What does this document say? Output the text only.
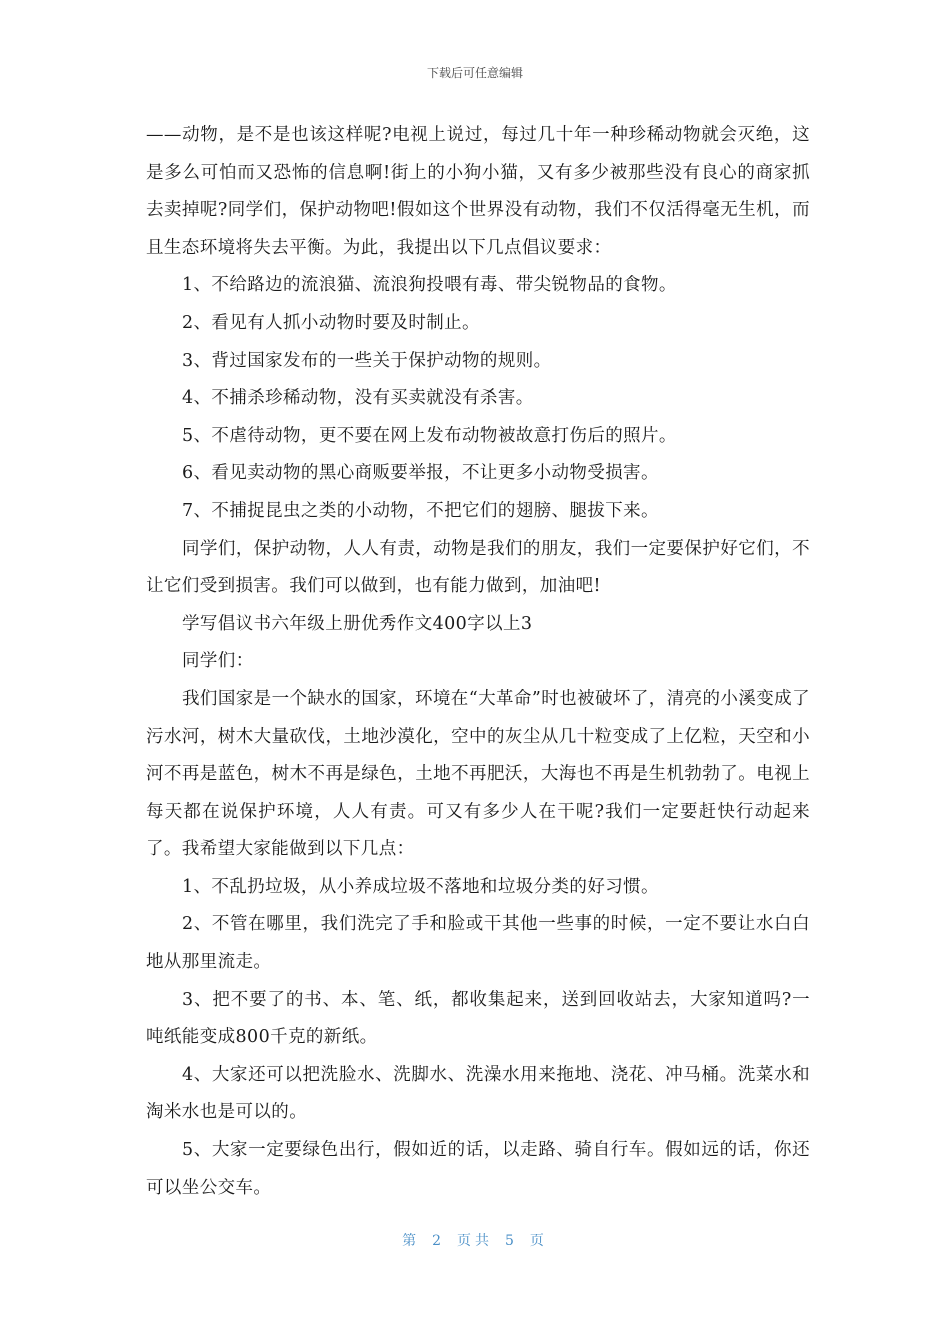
下载后可任意编辑

——动物，是不是也该这样呢?电视上说过，每过几十年一种珍稀动物就会灭绝，这是多么可怕而又恐怖的信息啊!街上的小狗小猫，又有多少被那些没有良心的商家抓去卖掉呢?同学们，保护动物吧!假如这个世界没有动物，我们不仅活得毫无生机，而且生态环境将失去平衡。为此，我提出以下几点倡议要求：

1、不给路边的流浪猫、流浪狗投喂有毒、带尖锐物品的食物。

2、看见有人抓小动物时要及时制止。

3、背过国家发布的一些关于保护动物的规则。

4、不捕杀珍稀动物，没有买卖就没有杀害。

5、不虐待动物，更不要在网上发布动物被故意打伤后的照片。

6、看见卖动物的黑心商贩要举报，不让更多小动物受损害。

7、不捕捉昆虫之类的小动物，不把它们的翅膀、腿拔下来。

同学们，保护动物，人人有责，动物是我们的朋友，我们一定要保护好它们，不让它们受到损害。我们可以做到，也有能力做到，加油吧!

学写倡议书六年级上册优秀作文400字以上3

同学们：

我们国家是一个缺水的国家，环境在“大革命”时也被破坏了，清亮的小溪变成了污水河，树木大量砍伐，土地沙漠化，空中的灰尘从几十粒变成了上亿粒，天空和小河不再是蓝色，树木不再是绿色，土地不再肥沃，大海也不再是生机勃勃了。电视上每天都在说保护环境，人人有责。可又有多少人在干呢?我们一定要赶快行动起来了。我希望大家能做到以下几点：

1、不乱扔垃圾，从小养成垃圾不落地和垃圾分类的好习惯。

2、不管在哪里，我们洗完了手和脸或干其他一些事的时候，一定不要让水白白地从那里流走。

3、把不要了的书、本、笔、纸，都收集起来，送到回收站去，大家知道吗?一吨纸能变成800千克的新纸。

4、大家还可以把洗脸水、洗脚水、洗澡水用来拖地、浇花、冲马桶。洗菜水和淘米水也是可以的。

5、大家一定要绿色出行，假如近的话，以走路、骑自行车。假如远的话，你还可以坐公交车。

第 2 页共 5 页
